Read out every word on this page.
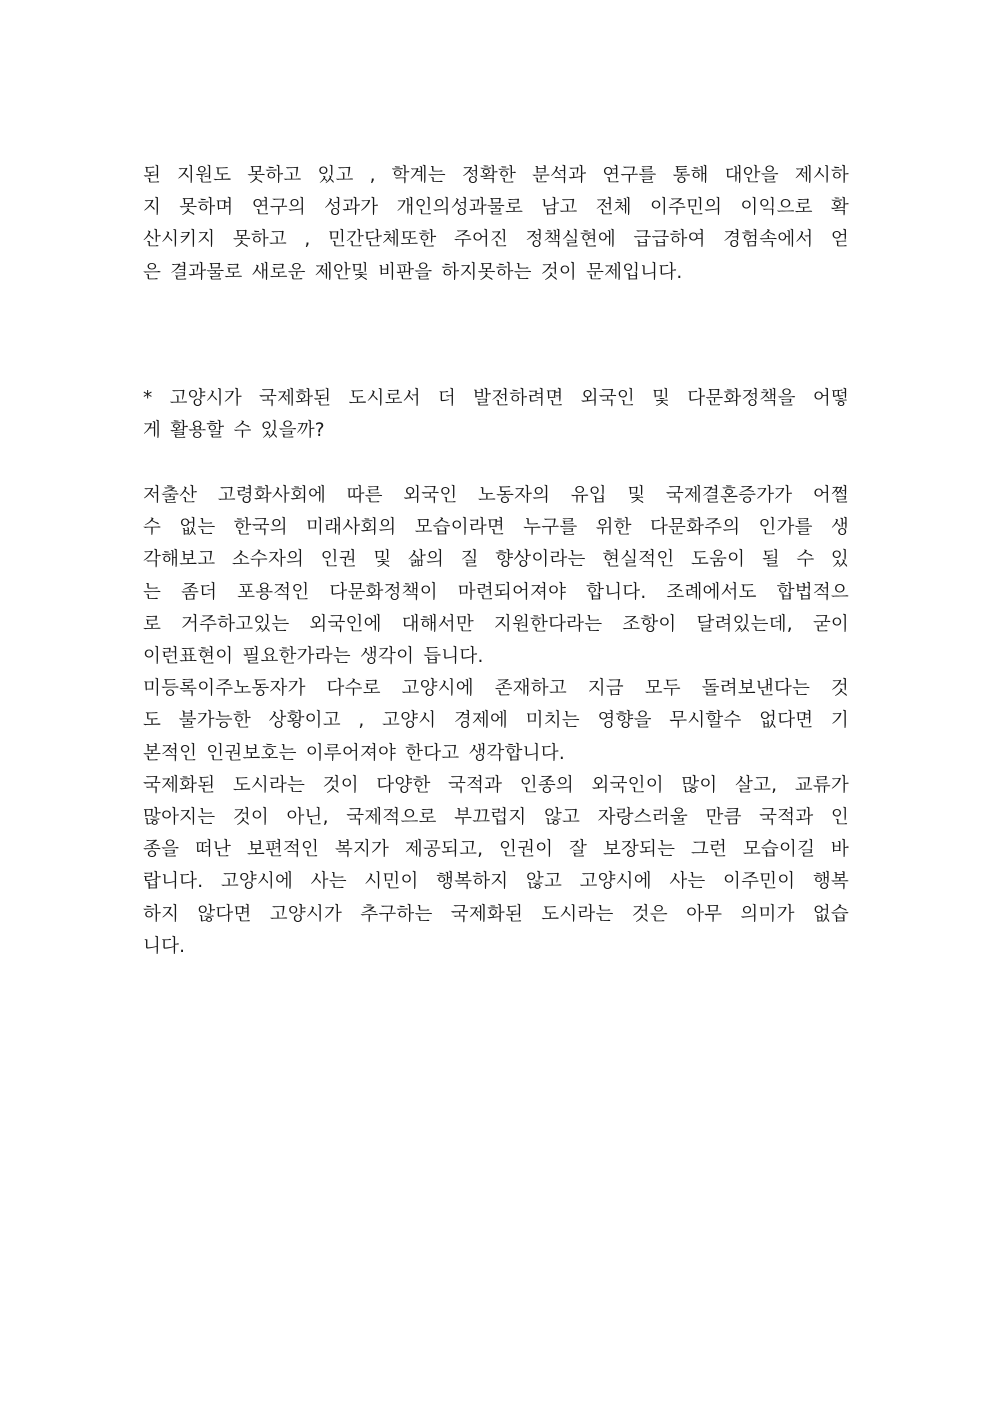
된 지원도 못하고 있고 , 학계는 정확한 분석과 연구를 통해 대안을 제시하
지 못하며 연구의 성과가 개인의성과물로 남고 전체 이주민의 이익으로 확
산시키지 못하고 , 민간단체또한 주어진 정책실현에 급급하여 경험속에서 얻
은 결과물로 새로운 제안및 비판을 하지못하는 것이 문제입니다.
* 고양시가 국제화된 도시로서 더 발전하려면 외국인 및 다문화정책을 어떻
게 활용할 수 있을까?
저출산 고령화사회에 따른 외국인 노동자의 유입 및 국제결혼증가가 어쩔
수 없는 한국의 미래사회의 모습이라면 누구를 위한 다문화주의 인가를 생
각해보고 소수자의 인권 및 삶의 질 향상이라는 현실적인 도움이 될 수 있
는 좀더 포용적인 다문화정책이 마련되어져야 합니다. 조례에서도 합법적으
로 거주하고있는 외국인에 대해서만 지원한다라는 조항이 달려있는데, 굳이
이런표현이 필요한가라는 생각이 듭니다.
미등록이주노동자가 다수로 고양시에 존재하고 지금 모두 돌려보낸다는 것
도 불가능한 상황이고 , 고양시 경제에 미치는 영향을 무시할수 없다면 기
본적인 인권보호는 이루어져야 한다고 생각합니다.
국제화된 도시라는 것이 다양한 국적과 인종의 외국인이 많이 살고, 교류가
많아지는 것이 아닌, 국제적으로 부끄럽지 않고 자랑스러울 만큼 국적과 인
종을 떠난 보편적인 복지가 제공되고, 인권이 잘 보장되는 그런 모습이길 바
랍니다. 고양시에 사는 시민이 행복하지 않고 고양시에 사는 이주민이 행복
하지 않다면 고양시가 추구하는 국제화된 도시라는 것은 아무 의미가 없습
니다.
